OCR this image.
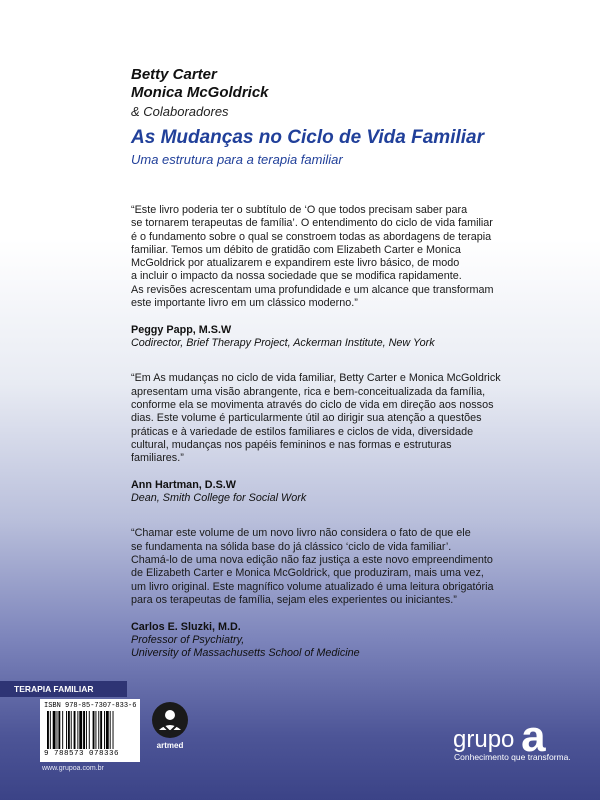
Betty Carter
Monica McGoldrick
& Colaboradores
As Mudanças no Ciclo de Vida Familiar
Uma estrutura para a terapia familiar
“Este livro poderia ter o subtítulo de ‘O que todos precisam saber para
se tornarem terapeutas de família’. O entendimento do ciclo de vida familiar
é o fundamento sobre o qual se constroem todas as abordagens de terapia
familiar. Temos um débito de gratidão com Elizabeth Carter e Monica
McGoldrick por atualizarem e expandirem este livro básico, de modo
a incluir o impacto da nossa sociedade que se modifica rapidamente.
As revisões acrescentam uma profundidade e um alcance que transformam
este importante livro em um clássico moderno.”
Peggy Papp, M.S.W
Codirector, Brief Therapy Project, Ackerman Institute, New York
“Em As mudanças no ciclo de vida familiar, Betty Carter e Monica McGoldrick
apresentam uma visão abrangente, rica e bem-conceitualizada da família,
conforme ela se movimenta através do ciclo de vida em direção aos nossos
dias. Este volume é particularmente útil ao dirigir sua atenção a questões
práticas e à variedade de estilos familiares e ciclos de vida, diversidade
cultural, mudanças nos papéis femininos e nas formas e estruturas
familiares.”
Ann Hartman, D.S.W
Dean, Smith College for Social Work
“Chamar este volume de um novo livro não considera o fato de que ele
se fundamenta na sólida base do já clássico ‘ciclo de vida familiar’.
Chamá-lo de uma nova edição não faz justiça a este novo empreendimento
de Elizabeth Carter e Monica McGoldrick, que produziram, mais uma vez,
um livro original. Este magnífico volume atualizado é uma leitura obrigatória
para os terapeutas de família, sejam eles experientes ou iniciantes.”
Carlos E. Sluzki, M.D.
Professor of Psychiatry,
University of Massachusetts School of Medicine
TERAPIA FAMILIAR
ISBN 978-85-7307-833-6
9 788573 078336
www.grupoa.com.br
artmed	grupo a
Conhecimento que transforma.
